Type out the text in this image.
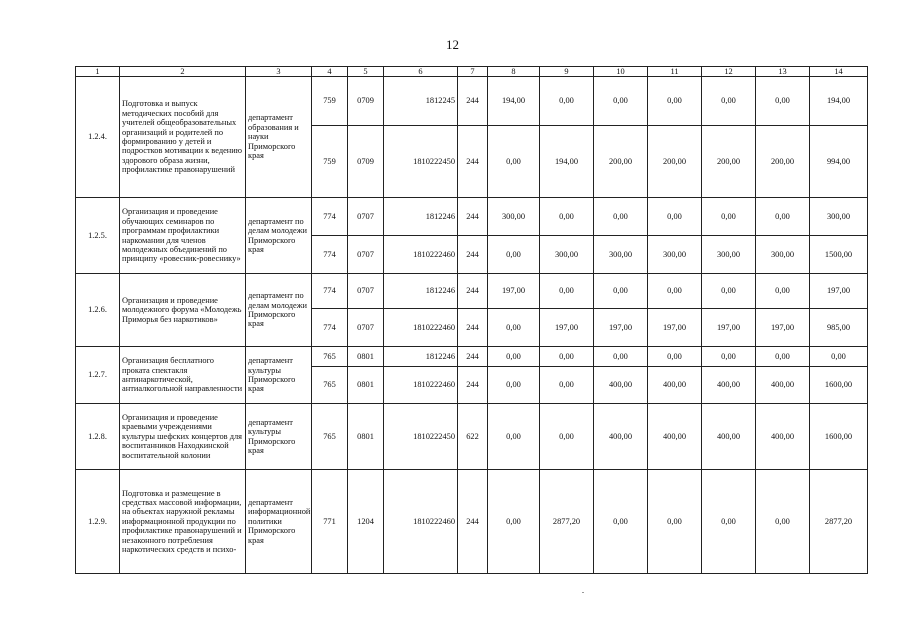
12
1	2	3	4	5	6	7	8	9	10	11	12	13	14
1.2.4.	Подготовка и выпуск методических пособий для учителей общеобразовательных организаций и родителей по формированию у детей и подростков мотивации к ведению здорового образа жизни, профилактике правонарушений	департамент образования и науки Приморского края	759	0709	1812245	244	194,00	0,00	0,00	0,00	0,00	0,00	194,00
			759	0709	1810222450	244	0,00	194,00	200,00	200,00	200,00	200,00	994,00
1.2.5.	Организация и проведение обучающих семинаров по программам профилактики наркомании для членов молодежных объединений по принципу «ровесник-ровеснику»	департамент по делам молодежи Приморского края	774	0707	1812246	244	300,00	0,00	0,00	0,00	0,00	0,00	300,00
			774	0707	1810222460	244	0,00	300,00	300,00	300,00	300,00	300,00	1500,00
1.2.6.	Организация и проведение молодежного форума «Молодежь Приморья без наркотиков»	департамент по делам молодежи Приморского края	774	0707	1812246	244	197,00	0,00	0,00	0,00	0,00	0,00	197,00
			774	0707	1810222460	244	0,00	197,00	197,00	197,00	197,00	197,00	985,00
1.2.7.	Организация бесплатного проката спектакля антинаркотической, антиалкогольной направленности	департамент культуры Приморского края	765	0801	1812246	244	0,00	0,00	0,00	0,00	0,00	0,00	0,00
			765	0801	1810222460	244	0,00	0,00	400,00	400,00	400,00	400,00	1600,00
1.2.8.	Организация и проведение краевыми учреждениями культуры шефских концертов для воспитанников Находкинской воспитательной колонии	департамент культуры Приморского края	765	0801	1810222450	622	0,00	0,00	400,00	400,00	400,00	400,00	1600,00
1.2.9.	Подготовка и размещение в средствах массовой информации, на объектах наружной рекламы информационной продукции по профилактике правонарушений и незаконного потребления наркотических средств и психо-	департамент информационной политики Приморского края	771	1204	1810222460	244	0,00	2877,20	0,00	0,00	0,00	0,00	2877,20
